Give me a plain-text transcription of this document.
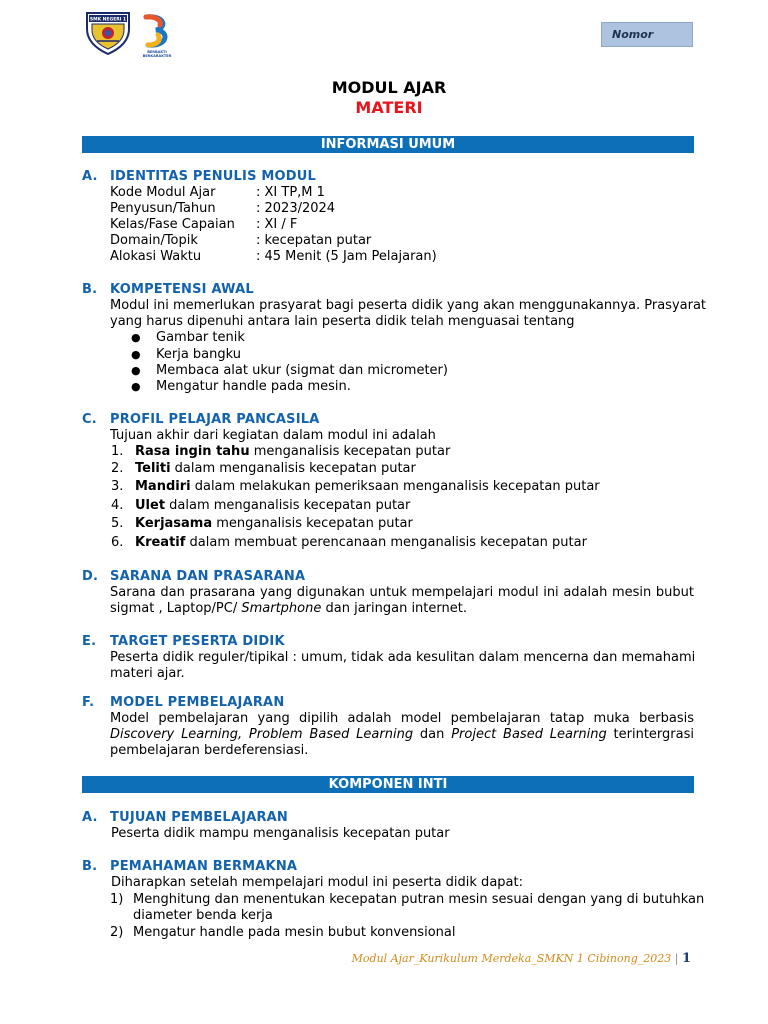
SMK NEGERI 1
BERBAKTI
BERKARAKTER
Nomor
MODUL AJAR
MATERI
INFORMASI UMUM
A. IDENTITAS PENULIS MODUL
Kode Modul Ajar	: XI TP,M 1
Penyusun/Tahun	: 2023/2024
Kelas/Fase Capaian : XI / F
Domain/Topik	: kecepatan putar
Alokasi Waktu	: 45 Menit (5 Jam Pelajaran)
B. KOMPETENSI AWAL
Modul ini memerlukan prasyarat bagi peserta didik yang akan menggunakannya. Prasyarat
yang harus dipenuhi antara lain peserta didik telah menguasai tentang
● Gambar tenik
● Kerja bangku
● Membaca alat ukur (sigmat dan micrometer)
● Mengatur handle pada mesin.
C. PROFIL PELAJAR PANCASILA
Tujuan akhir dari kegiatan dalam modul ini adalah
1. Rasa ingin tahu menganalisis kecepatan putar
2. Teliti dalam menganalisis kecepatan putar
3. Mandiri dalam melakukan pemeriksaan menganalisis kecepatan putar
4. Ulet dalam menganalisis kecepatan putar
5. Kerjasama menganalisis kecepatan putar
6. Kreatif dalam membuat perencanaan menganalisis kecepatan putar
D. SARANA DAN PRASARANA
Sarana dan prasarana yang digunakan untuk mempelajari modul ini adalah mesin bubut
sigmat , Laptop/PC/ Smartphone dan jaringan internet.
E. TARGET PESERTA DIDIK
Peserta didik reguler/tipikal : umum, tidak ada kesulitan dalam mencerna dan memahami
materi ajar.
F. MODEL PEMBELAJARAN
Model pembelajaran yang dipilih adalah model pembelajaran tatap muka berbasis
Discovery Learning, Problem Based Learning dan Project Based Learning terintergrasi
pembelajaran berdeferensiasi.
KOMPONEN INTI
A. TUJUAN PEMBELAJARAN
Peserta didik mampu menganalisis kecepatan putar
B. PEMAHAMAN BERMAKNA
Diharapkan setelah mempelajari modul ini peserta didik dapat:
1) Menghitung dan menentukan kecepatan putran mesin sesuai dengan yang di butuhkan
diameter benda kerja
2) Mengatur handle pada mesin bubut konvensional
Modul Ajar_Kurikulum Merdeka_SMKN 1 Cibinong_2023 | 1
